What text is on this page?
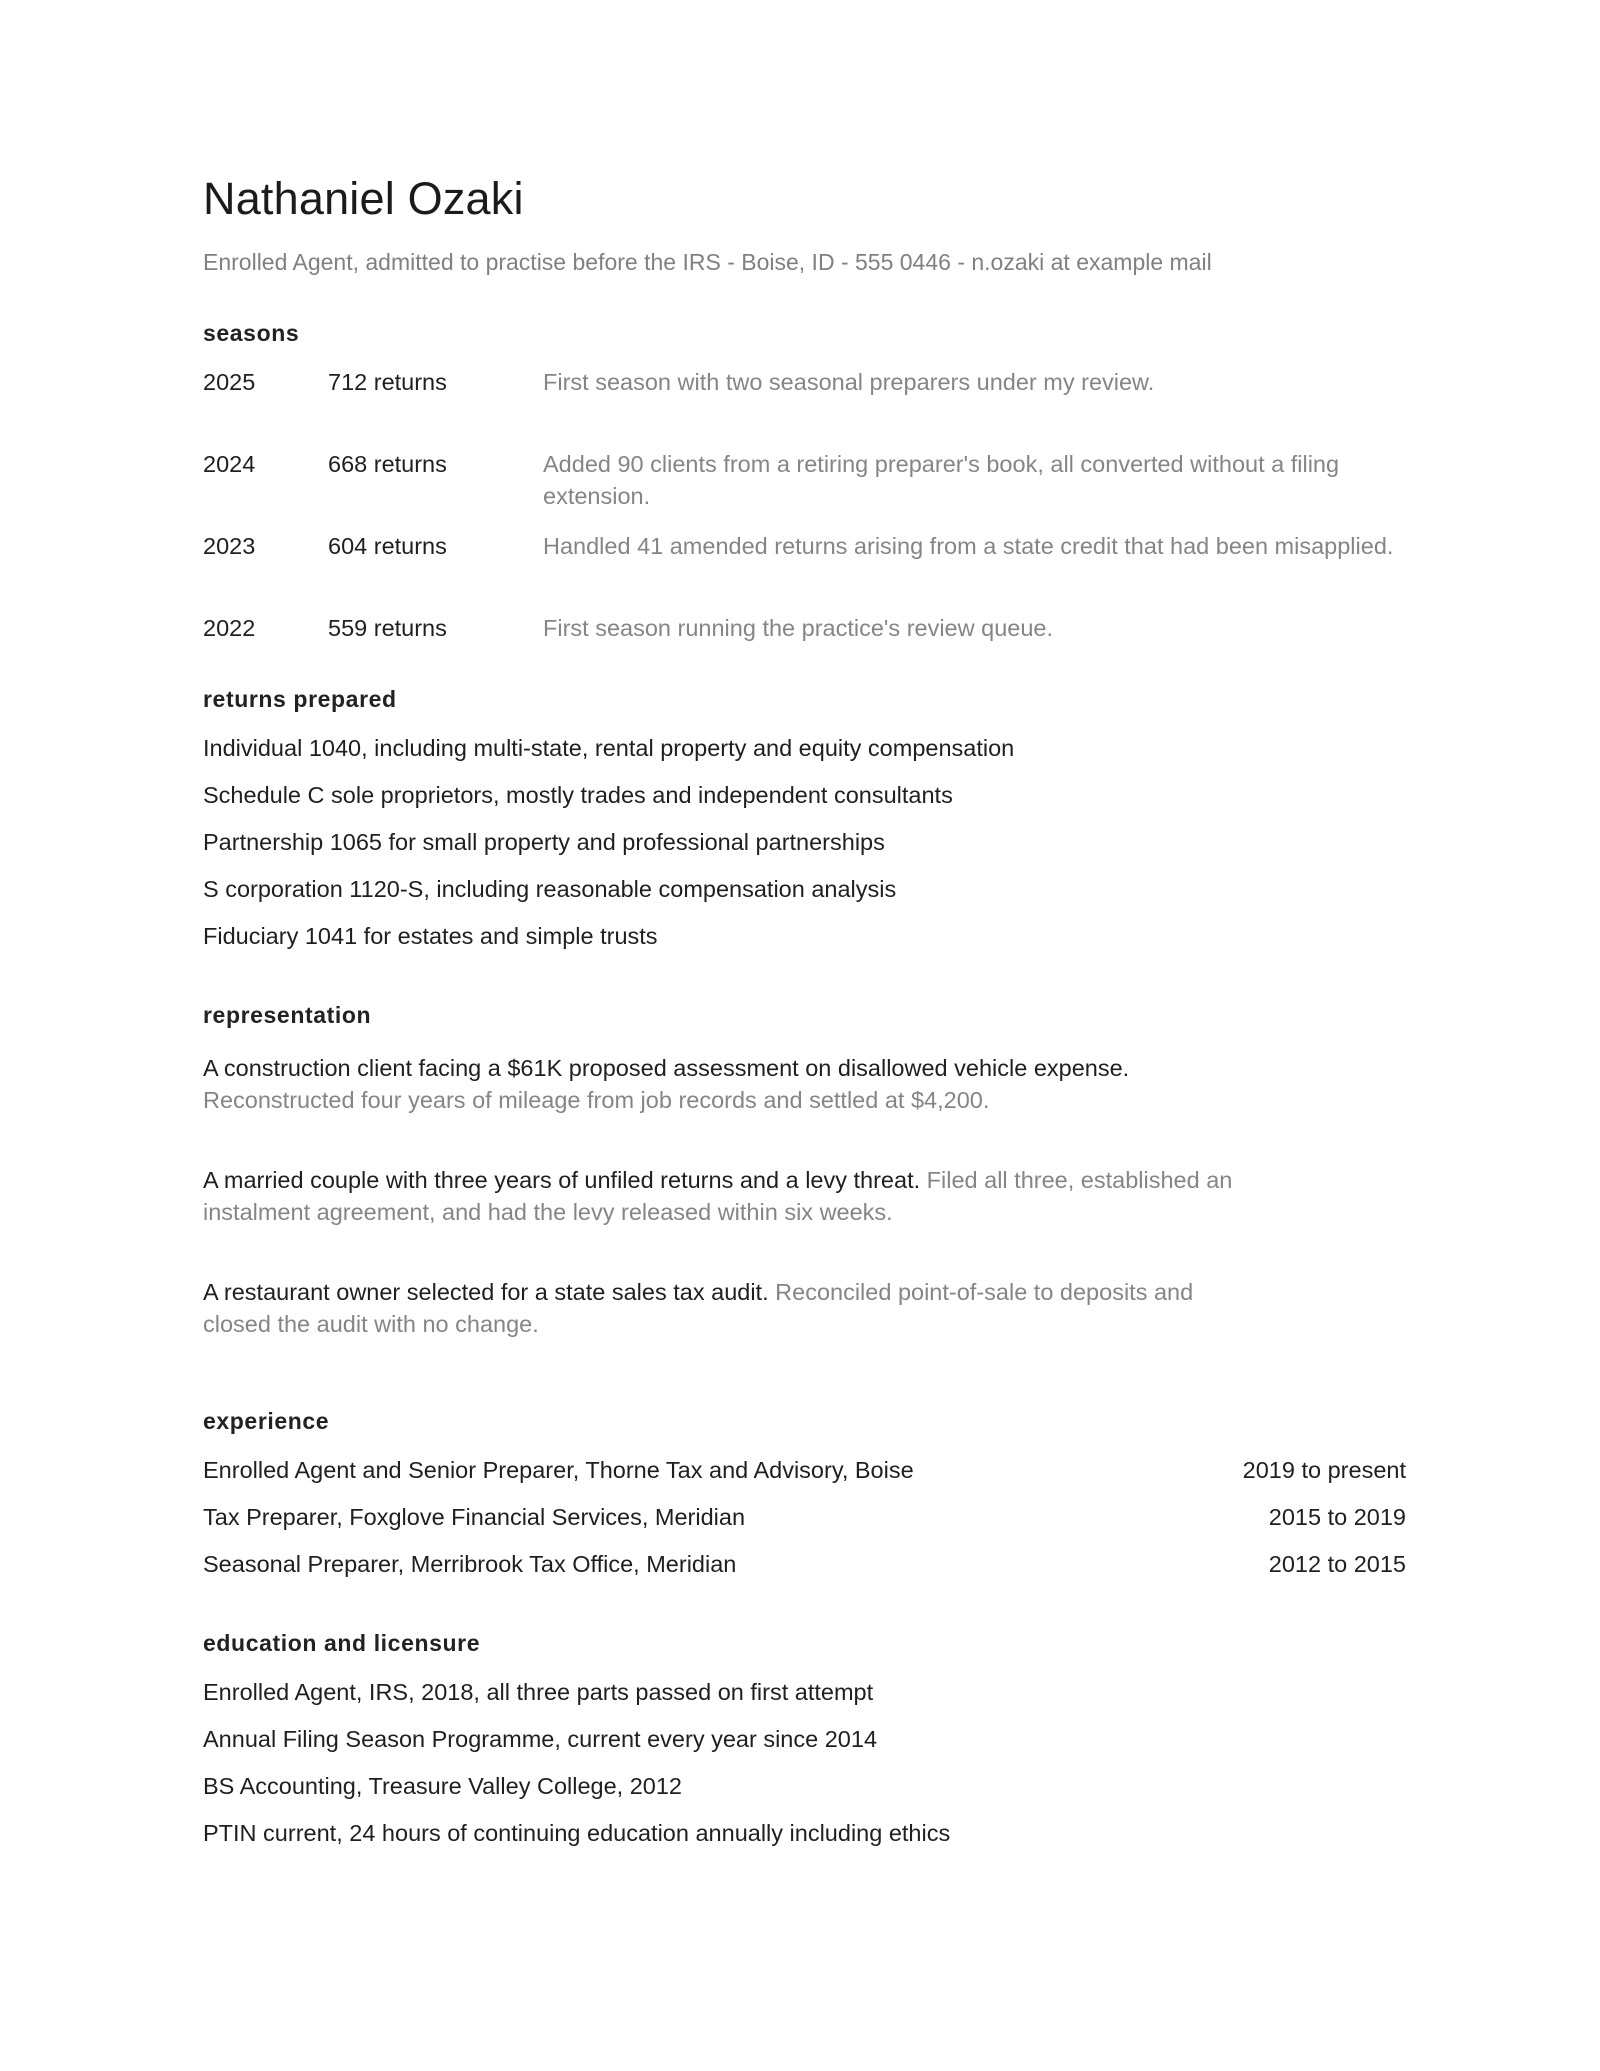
Nathaniel Ozaki
Enrolled Agent, admitted to practise before the IRS - Boise, ID - 555 0446 - n.ozaki at example mail
seasons
2025	712 returns	First season with two seasonal preparers under my review.
2024	668 returns	Added 90 clients from a retiring preparer's book, all converted without a filing extension.
2023	604 returns	Handled 41 amended returns arising from a state credit that had been misapplied.
2022	559 returns	First season running the practice's review queue.
returns prepared
Individual 1040, including multi-state, rental property and equity compensation
Schedule C sole proprietors, mostly trades and independent consultants
Partnership 1065 for small property and professional partnerships
S corporation 1120-S, including reasonable compensation analysis
Fiduciary 1041 for estates and simple trusts
representation
A construction client facing a $61K proposed assessment on disallowed vehicle expense. Reconstructed four years of mileage from job records and settled at $4,200.
A married couple with three years of unfiled returns and a levy threat. Filed all three, established an instalment agreement, and had the levy released within six weeks.
A restaurant owner selected for a state sales tax audit. Reconciled point-of-sale to deposits and closed the audit with no change.
experience
Enrolled Agent and Senior Preparer, Thorne Tax and Advisory, Boise	2019 to present
Tax Preparer, Foxglove Financial Services, Meridian	2015 to 2019
Seasonal Preparer, Merribrook Tax Office, Meridian	2012 to 2015
education and licensure
Enrolled Agent, IRS, 2018, all three parts passed on first attempt
Annual Filing Season Programme, current every year since 2014
BS Accounting, Treasure Valley College, 2012
PTIN current, 24 hours of continuing education annually including ethics
